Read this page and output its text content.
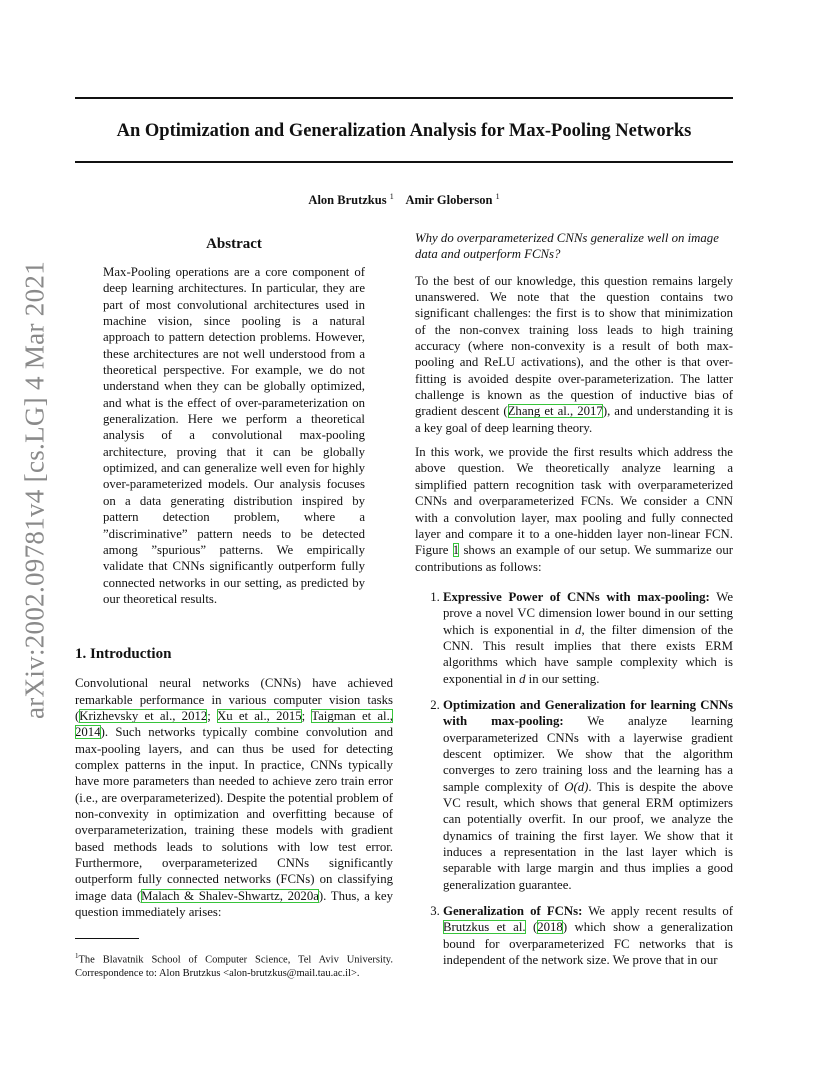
arXiv:2002.09781v4 [cs.LG] 4 Mar 2021
An Optimization and Generalization Analysis for Max-Pooling Networks
Alon Brutzkus $^1$ Amir Globerson $^1$
Abstract

Max-Pooling operations are a core component of deep learning architectures. In particular, they are part of most convolutional architectures used in machine vision, since pooling is a natural approach to pattern detection problems. However, these architectures are not well understood from a theoretical perspective. For example, we do not understand when they can be globally optimized, and what is the effect of over-parameterization on generalization. Here we perform a theoretical analysis of a convolutional max-pooling architecture, proving that it can be globally optimized, and can generalize well even for highly over-parameterized models. Our analysis focuses on a data generating distribution inspired by pattern detection problem, where a ”discriminative” pattern needs to be detected among ”spurious” patterns. We empirically validate that CNNs significantly outperform fully connected networks in our setting, as predicted by our theoretical results.

1. Introduction

Convolutional neural networks (CNNs) have achieved remarkable performance in various computer vision tasks (Krizhevsky et al., 2012; Xu et al., 2015; Taigman et al., 2014). Such networks typically combine convolution and max-pooling layers, and can thus be used for detecting complex patterns in the input. In practice, CNNs typically have more parameters than needed to achieve zero train error (i.e., are overparameterized). Despite the potential problem of non-convexity in optimization and overfitting because of overparameterization, training these models with gradient based methods leads to solutions with low test error. Furthermore, overparameterized CNNs significantly outperform fully connected networks (FCNs) on classifying image data (Malach & Shalev-Shwartz, 2020a). Thus, a key question immediately arises:

$^1$The Blavatnik School of Computer Science, Tel Aviv University. Correspondence to: Alon Brutzkus <alon-brutzkus@mail.tau.ac.il>.

Why do overparameterized CNNs generalize well on image data and outperform FCNs?

To the best of our knowledge, this question remains largely unanswered. We note that the question contains two significant challenges: the first is to show that minimization of the non-convex training loss leads to high training accuracy (where non-convexity is a result of both max-pooling and ReLU activations), and the other is that over-fitting is avoided despite over-parameterization. The latter challenge is known as the question of inductive bias of gradient descent (Zhang et al., 2017), and understanding it is a key goal of deep learning theory.

In this work, we provide the first results which address the above question. We theoretically analyze learning a simplified pattern recognition task with overparameterized CNNs and overparameterized FCNs. We consider a CNN with a convolution layer, max pooling and fully connected layer and compare it to a one-hidden layer non-linear FCN. Figure 1 shows an example of our setup. We summarize our contributions as follows:

1. Expressive Power of CNNs with max-pooling: We prove a novel VC dimension lower bound in our setting which is exponential in d, the filter dimension of the CNN. This result implies that there exists ERM algorithms which have sample complexity which is exponential in d in our setting.
2. Optimization and Generalization for learning CNNs with max-pooling: We analyze learning overparameterized CNNs with a layerwise gradient descent optimizer. We show that the algorithm converges to zero training loss and the learning has a sample complexity of O(d). This is despite the above VC result, which shows that general ERM optimizers can potentially overfit. In our proof, we analyze the dynamics of training the first layer. We show that it induces a representation in the last layer which is separable with large margin and thus implies a good generalization guarantee.
3. Generalization of FCNs: We apply recent results of Brutzkus et al. (2018) which show a generalization bound for overparameterized FC networks that is independent of the network size. We prove that in our
